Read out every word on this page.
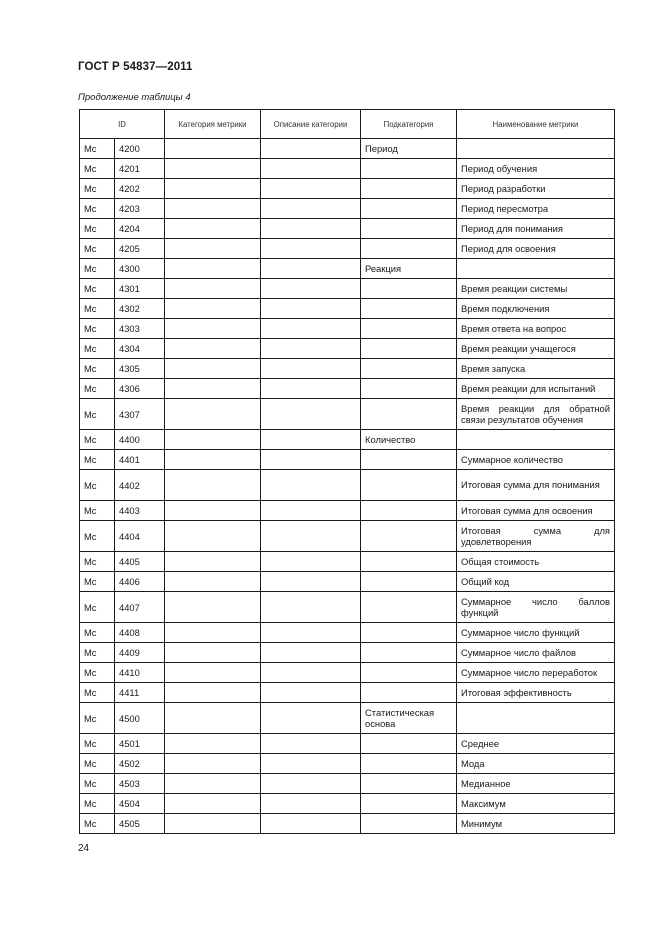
ГОСТ Р 54837—2011
Продолжение таблицы 4
ID		Категория метрики	Описание категории	Подкатегория	Наименование метрики
Mc	4200			Период	
Mc	4201				Период обучения
Mc	4202				Период разработки
Mc	4203				Период пересмотра
Mc	4204				Период для понимания
Mc	4205				Период для освоения
Mc	4300			Реакция	
Mc	4301				Время реакции системы
Mc	4302				Время подключения
Mc	4303				Время ответа на вопрос
Mc	4304				Время реакции учащегося
Mc	4305				Время запуска
Mc	4306				Время реакции для испытаний
Mc	4307				Время реакции для обратной связи результатов обучения
Mc	4400			Количество	
Mc	4401				Суммарное количество
Mc	4402				Итоговая сумма для понимания
Mc	4403				Итоговая сумма для освоения
Mc	4404				Итоговая сумма для удовлетворения
Mc	4405				Общая стоимость
Mc	4406				Общий код
Mc	4407				Суммарное число баллов функций
Mc	4408				Суммарное число функций
Mc	4409				Суммарное число файлов
Mc	4410				Суммарное число переработок
Mc	4411				Итоговая эффективность
Mc	4500			Статистическая основа	
Mc	4501				Среднее
Mc	4502				Мода
Mc	4503				Медианное
Mc	4504				Максимум
Mc	4505				Минимум
24
